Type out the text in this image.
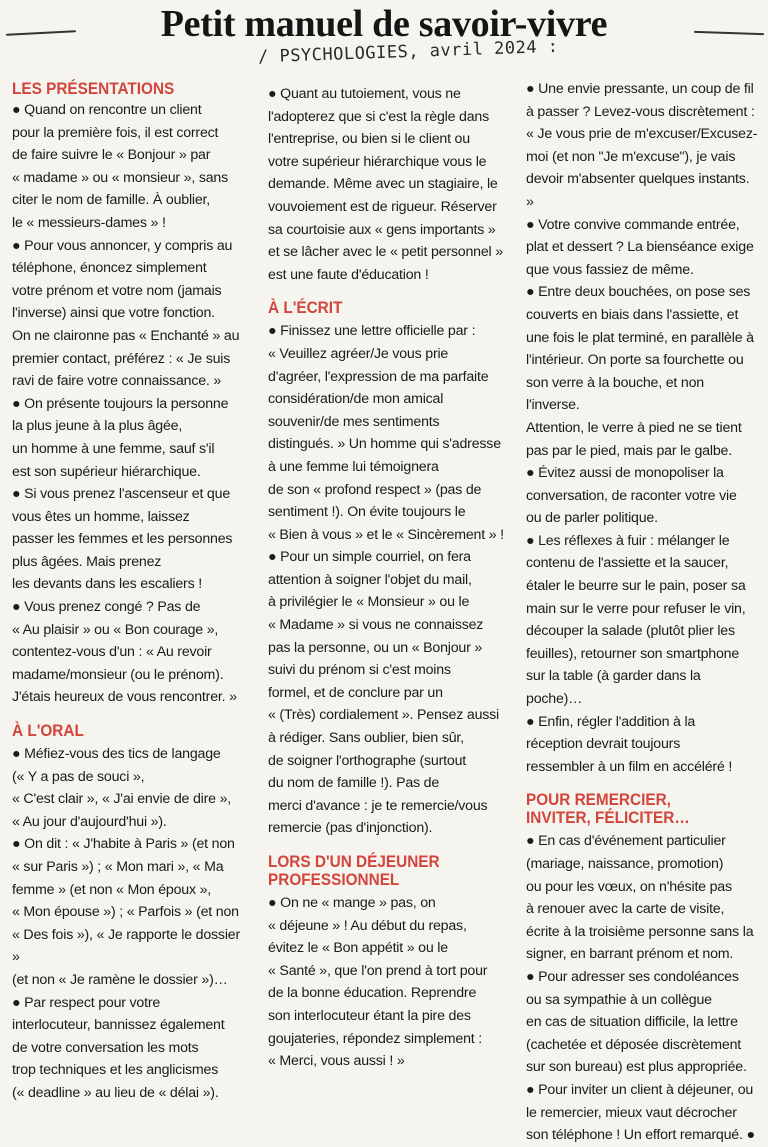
Petit manuel de savoir-vivre
/ PSYCHOLOGIES, avril 2024 :
LES PRÉSENTATIONS

● Quand on rencontre un client
pour la première fois, il est correct
de faire suivre le « Bonjour » par
« madame » ou « monsieur », sans
citer le nom de famille. À oublier,
le « messieurs-dames » !
● Pour vous annoncer, y compris au
téléphone, énoncez simplement
votre prénom et votre nom (jamais
l'inverse) ainsi que votre fonction.
On ne claironne pas « Enchanté » au
premier contact, préférez : « Je suis
ravi de faire votre connaissance. »
● On présente toujours la personne
la plus jeune à la plus âgée,
un homme à une femme, sauf s'il
est son supérieur hiérarchique.
● Si vous prenez l'ascenseur et que
vous êtes un homme, laissez
passer les femmes et les personnes
plus âgées. Mais prenez
les devants dans les escaliers !
● Vous prenez congé ? Pas de
« Au plaisir » ou « Bon courage »,
contentez-vous d'un : « Au revoir
madame/monsieur (ou le prénom).
J'étais heureux de vous rencontrer. »

À L'ORAL

● Méfiez-vous des tics de langage
(« Y a pas de souci »,
« C'est clair », « J'ai envie de dire »,
« Au jour d'aujourd'hui »).
● On dit : « J'habite à Paris » (et non
« sur Paris ») ; « Mon mari », « Ma
femme » (et non « Mon époux »,
« Mon épouse ») ; « Parfois » (et non
« Des fois »), « Je rapporte le dossier »
(et non « Je ramène le dossier »)…
● Par respect pour votre
interlocuteur, bannissez également
de votre conversation les mots
trop techniques et les anglicismes
(« deadline » au lieu de « délai »).

● Quant au tutoiement, vous ne
l'adopterez que si c'est la règle dans
l'entreprise, ou bien si le client ou
votre supérieur hiérarchique vous le
demande. Même avec un stagiaire, le
vouvoiement est de rigueur. Réserver
sa courtoisie aux « gens importants »
et se lâcher avec le « petit personnel »
est une faute d'éducation !

À L'ÉCRIT

● Finissez une lettre officielle par :
« Veuillez agréer/Je vous prie
d'agréer, l'expression de ma parfaite
considération/de mon amical
souvenir/de mes sentiments
distingués. » Un homme qui s'adresse
à une femme lui témoignera
de son « profond respect » (pas de
sentiment !). On évite toujours le
« Bien à vous » et le « Sincèrement » !
● Pour un simple courriel, on fera
attention à soigner l'objet du mail,
à privilégier le « Monsieur » ou le
« Madame » si vous ne connaissez
pas la personne, ou un « Bonjour »
suivi du prénom si c'est moins
formel, et de conclure par un
« (Très) cordialement ». Pensez aussi
à rédiger. Sans oublier, bien sûr,
de soigner l'orthographe (surtout
du nom de famille !). Pas de
merci d'avance : je te remercie/vous
remercie (pas d'injonction).

LORS D'UN DÉJEUNER
PROFESSIONNEL

● On ne « mange » pas, on
« déjeune » ! Au début du repas,
évitez le « Bon appétit » ou le
« Santé », que l'on prend à tort pour
de la bonne éducation. Reprendre
son interlocuteur étant la pire des
goujateries, répondez simplement :
« Merci, vous aussi ! »

● Une envie pressante, un coup de fil
à passer ? Levez-vous discrètement :
« Je vous prie de m'excuser/Excusez-
moi (et non "Je m'excuse"), je vais
devoir m'absenter quelques instants. »
● Votre convive commande entrée,
plat et dessert ? La bienséance exige
que vous fassiez de même.
● Entre deux bouchées, on pose ses
couverts en biais dans l'assiette, et
une fois le plat terminé, en parallèle à
l'intérieur. On porte sa fourchette ou
son verre à la bouche, et non l'inverse.
Attention, le verre à pied ne se tient
pas par le pied, mais par le galbe.
● Évitez aussi de monopoliser la
conversation, de raconter votre vie
ou de parler politique.
● Les réflexes à fuir : mélanger le
contenu de l'assiette et la saucer,
étaler le beurre sur le pain, poser sa
main sur le verre pour refuser le vin,
découper la salade (plutôt plier les
feuilles), retourner son smartphone
sur la table (à garder dans la poche)…
● Enfin, régler l'addition à la
réception devrait toujours
ressembler à un film en accéléré !

POUR REMERCIER,
INVITER, FÉLICITER…

● En cas d'événement particulier
(mariage, naissance, promotion)
ou pour les vœux, on n'hésite pas
à renouer avec la carte de visite,
écrite à la troisième personne sans la
signer, en barrant prénom et nom.
● Pour adresser ses condoléances
ou sa sympathie à un collègue
en cas de situation difficile, la lettre
(cachetée et déposée discrètement
sur son bureau) est plus appropriée.
● Pour inviter un client à déjeuner, ou
le remercier, mieux vaut décrocher
son téléphone ! Un effort remarqué. ●
